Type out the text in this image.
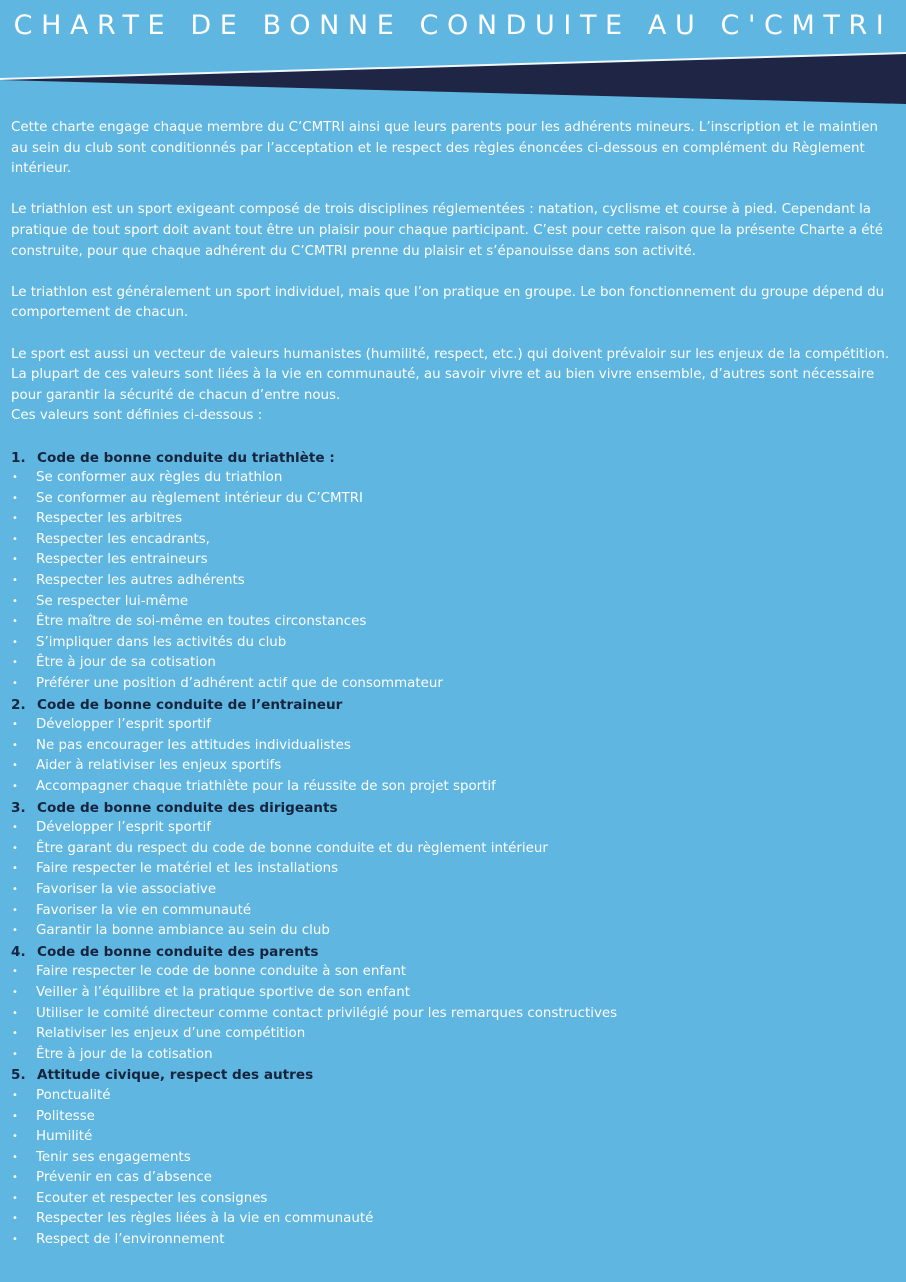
CHARTE DE BONNE CONDUITE AU C'CMTRI

Cette charte engage chaque membre du C’CMTRI ainsi que leurs parents pour les adhérents mineurs. L’inscription et le maintien au sein du club sont conditionnés par l’acceptation et le respect des règles énoncées ci-dessous en complément du Règlement intérieur.

Le triathlon est un sport exigeant composé de trois disciplines réglementées : natation, cyclisme et course à pied. Cependant la pratique de tout sport doit avant tout être un plaisir pour chaque participant. C’est pour cette raison que la présente Charte a été construite, pour que chaque adhérent du C’CMTRI prenne du plaisir et s’épanouisse dans son activité.

Le triathlon est généralement un sport individuel, mais que l’on pratique en groupe. Le bon fonctionnement du groupe dépend du comportement de chacun.

Le sport est aussi un vecteur de valeurs humanistes (humilité, respect, etc.) qui doivent prévaloir sur les enjeux de la compétition. La plupart de ces valeurs sont liées à la vie en communauté, au savoir vivre et au bien vivre ensemble, d’autres sont nécessaire pour garantir la sécurité de chacun d’entre nous.

Ces valeurs sont définies ci-dessous :

1. Code de bonne conduite du triathlète :
•	Se conformer aux règles du triathlon
•	Se conformer au règlement intérieur du C’CMTRI
•	Respecter les arbitres
•	Respecter les encadrants,
•	Respecter les entraineurs
•	Respecter les autres adhérents
•	Se respecter lui-même
•	Être maître de soi-même en toutes circonstances
•	S’impliquer dans les activités du club
•	Être à jour de sa cotisation
•	Préférer une position d’adhérent actif que de consommateur
2. Code de bonne conduite de l’entraineur
•	Développer l’esprit sportif
•	Ne pas encourager les attitudes individualistes
•	Aider à relativiser les enjeux sportifs
•	Accompagner chaque triathlète pour la réussite de son projet sportif
3. Code de bonne conduite des dirigeants
•	Développer l’esprit sportif
•	Être garant du respect du code de bonne conduite et du règlement intérieur
•	Faire respecter le matériel et les installations
•	Favoriser la vie associative
•	Favoriser la vie en communauté
•	Garantir la bonne ambiance au sein du club
4. Code de bonne conduite des parents
•	Faire respecter le code de bonne conduite à son enfant
•	Veiller à l’équilibre et la pratique sportive de son enfant
•	Utiliser le comité directeur comme contact privilégié pour les remarques constructives
•	Relativiser les enjeux d’une compétition
•	Être à jour de la cotisation
5. Attitude civique, respect des autres
•	Ponctualité
•	Politesse
•	Humilité
•	Tenir ses engagements
•	Prévenir en cas d’absence
•	Ecouter et respecter les consignes
•	Respecter les règles liées à la vie en communauté
•	Respect de l’environnement
